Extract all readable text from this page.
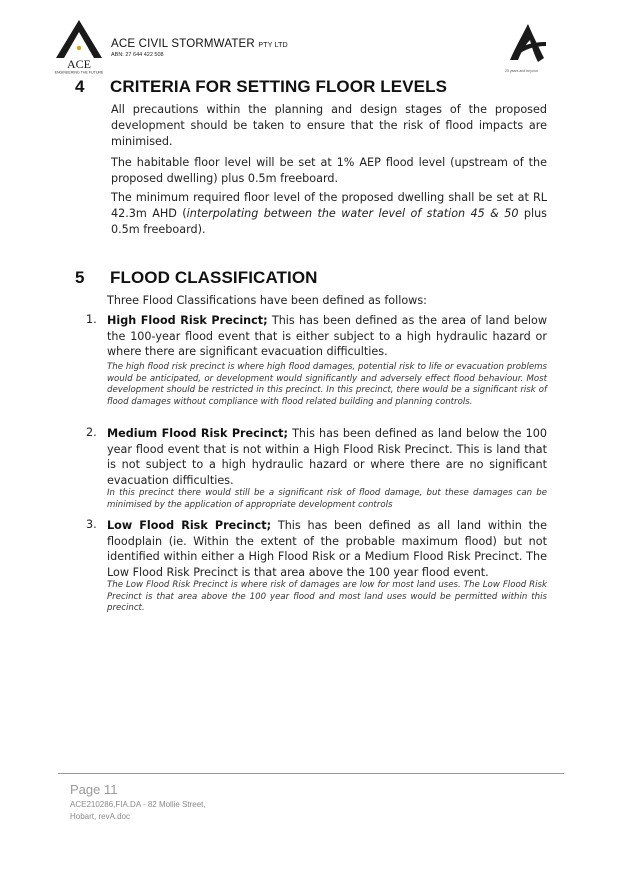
ACE
ENGINEERING THE FUTURE
ACE CIVIL STORMWATER PTY LTD
ABN: 27 644 422 508
25 years and beyond
4 CRITERIA FOR SETTING FLOOR LEVELS
All precautions within the planning and design stages of the proposed development should be taken to ensure that the risk of flood impacts are minimised.
The habitable floor level will be set at 1% AEP flood level (upstream of the proposed dwelling) plus 0.5m freeboard.
The minimum required floor level of the proposed dwelling shall be set at RL 42.3m AHD (interpolating between the water level of station 45 & 50 plus 0.5m freeboard).
5 FLOOD CLASSIFICATION
Three Flood Classifications have been defined as follows:
1. High Flood Risk Precinct; This has been defined as the area of land below the 100-year flood event that is either subject to a high hydraulic hazard or where there are significant evacuation difficulties.
The high flood risk precinct is where high flood damages, potential risk to life or evacuation problems would be anticipated, or development would significantly and adversely effect flood behaviour. Most development should be restricted in this precinct. In this precinct, there would be a significant risk of flood damages without compliance with flood related building and planning controls.
2. Medium Flood Risk Precinct; This has been defined as land below the 100 year flood event that is not within a High Flood Risk Precinct. This is land that is not subject to a high hydraulic hazard or where there are no significant evacuation difficulties.
In this precinct there would still be a significant risk of flood damage, but these damages can be minimised by the application of appropriate development controls
3. Low Flood Risk Precinct; This has been defined as all land within the floodplain (ie. Within the extent of the probable maximum flood) but not identified within either a High Flood Risk or a Medium Flood Risk Precinct. The Low Flood Risk Precinct is that area above the 100 year flood event.
The Low Flood Risk Precinct is where risk of damages are low for most land uses. The Low Flood Risk Precinct is that area above the 100 year flood and most land uses would be permitted within this precinct.
Page 11
ACE210286,FIA.DA - 82 Mollie Street,
Hobart, revA.doc
